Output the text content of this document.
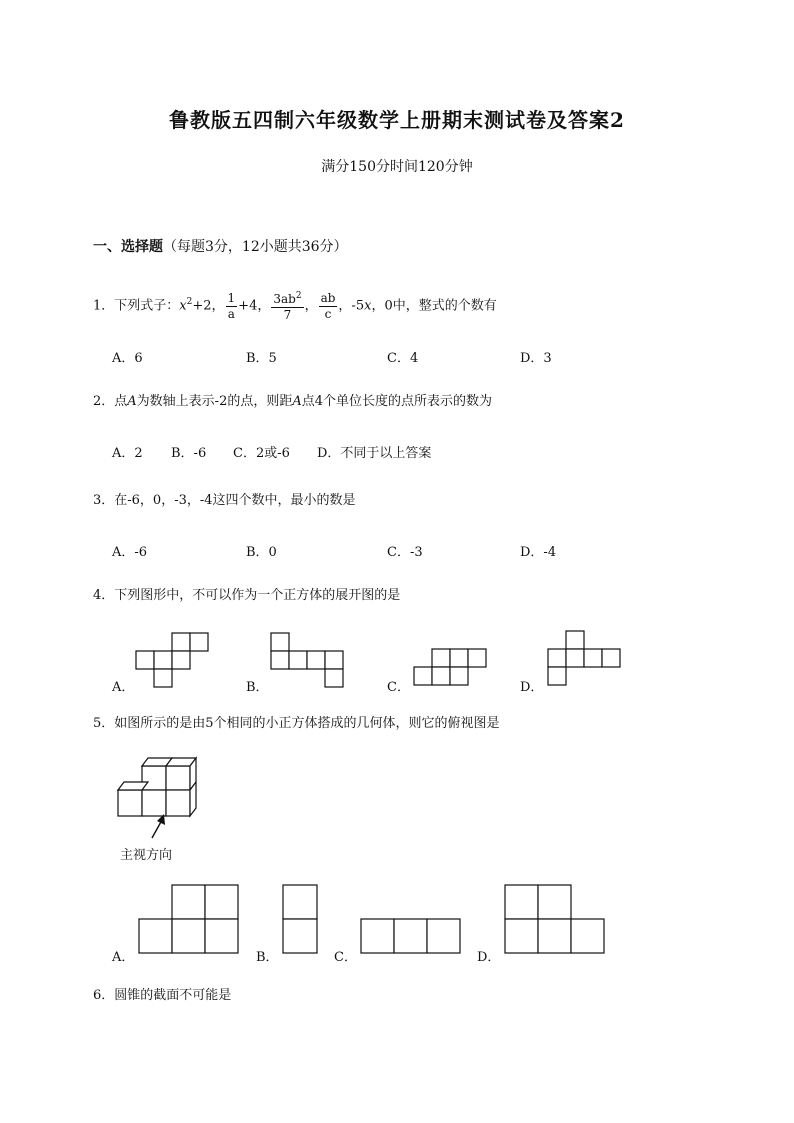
鲁教版五四制六年级数学上册期末测试卷及答案2
满分150分时间120分钟
一、选择题（每题3分，12小题共36分）
1．下列式子：$x^2+2$， $\frac{1}{a} +4$， $\frac{3ab^2}{7}$ ， $\frac{ab}{c}$ ，-5x，0中，整式的个数有
A．6	B．5	C．4	D．3
2．点A为数轴上表示-2的点，则距A点4个单位长度的点所表示的数为
A．2 B．-6 C．2或-6 D．不同于以上答案
3．在-6，0，-3，-4这四个数中，最小的数是
A．-6	B．0	C．-3	D．-4
4．下列图形中，不可以作为一个正方体的展开图的是
A．	B．	C．	D．
5．如图所示的是由5个相同的小正方体搭成的几何体，则它的俯视图是
主视方向
A．	B．	C．	D．
6．圆锥的截面不可能是
